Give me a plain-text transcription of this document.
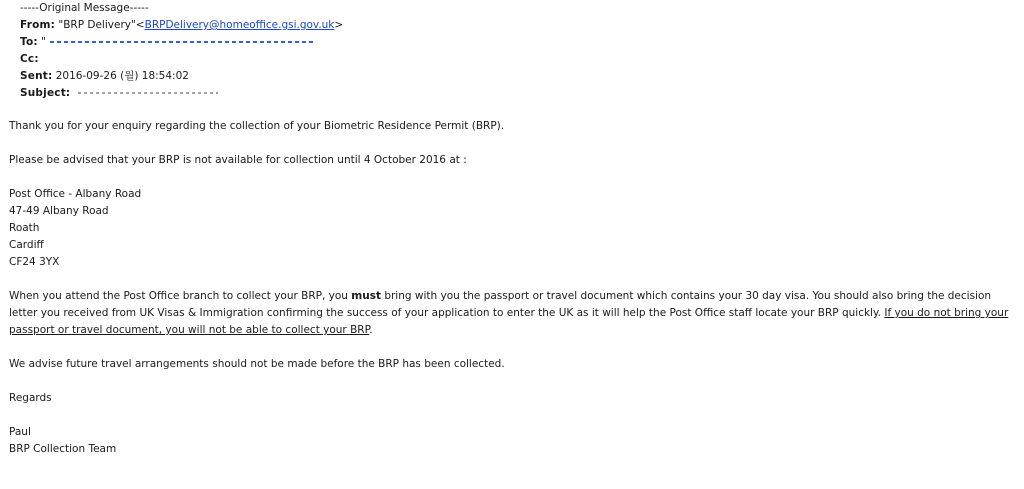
-----Original Message-----
From: "BRP Delivery"<BRPDelivery@homeoffice.gsi.gov.uk>
To: "
Cc:
Sent: 2016-09-26 (월) 18:54:02
Subject:

Thank you for your enquiry regarding the collection of your Biometric Residence Permit (BRP).

Please be advised that your BRP is not available for collection until 4 October 2016 at :

Post Office - Albany Road

47-49 Albany Road

Roath

Cardiff

CF24 3YX

When you attend the Post Office branch to collect your BRP, you must bring with you the passport or travel document which contains your 30 day visa. You should also bring the decision letter you received from UK Visas & Immigration confirming the success of your application to enter the UK as it will help the Post Office staff locate your BRP quickly. If you do not bring your passport or travel document, you will not be able to collect your BRP.

We advise future travel arrangements should not be made before the BRP has been collected.

Regards

Paul

BRP Collection Team
